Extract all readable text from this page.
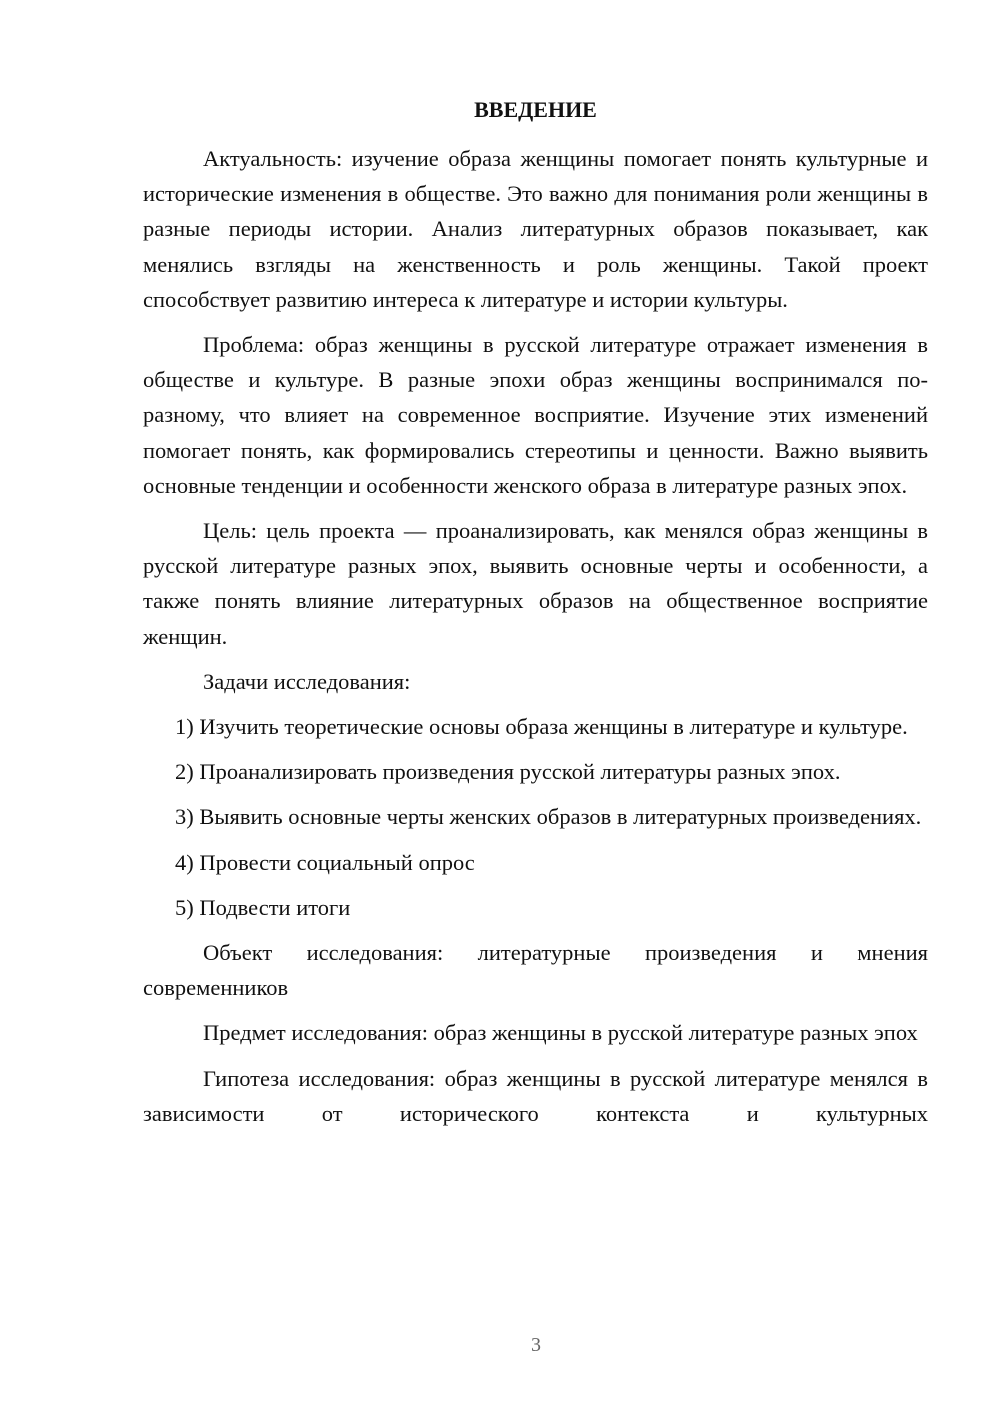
ВВЕДЕНИЕ

Актуальность: изучение образа женщины помогает понять культурные и исторические изменения в обществе. Это важно для понимания роли женщины в разные периоды истории. Анализ литературных образов показывает, как менялись взгляды на женственность и роль женщины. Такой проект способствует развитию интереса к литературе и истории культуры.

Проблема: образ женщины в русской литературе отражает изменения в обществе и культуре. В разные эпохи образ женщины воспринимался по-разному, что влияет на современное восприятие. Изучение этих изменений помогает понять, как формировались стереотипы и ценности. Важно выявить основные тенденции и особенности женского образа в литературе разных эпох.

Цель: цель проекта — проанализировать, как менялся образ женщины в русской литературе разных эпох, выявить основные черты и особенности, а также понять влияние литературных образов на общественное восприятие женщин.

Задачи исследования:

1) Изучить теоретические основы образа женщины в литературе и культуре.

2) Проанализировать произведения русской литературы разных эпох.

3) Выявить основные черты женских образов в литературных произведениях.

4) Провести социальный опрос

5) Подвести итоги

Объект исследования: литературные произведения и мнения современников

Предмет исследования: образ женщины в русской литературе разных эпох

Гипотеза исследования: образ женщины в русской литературе менялся в зависимости от исторического контекста и культурных

3
